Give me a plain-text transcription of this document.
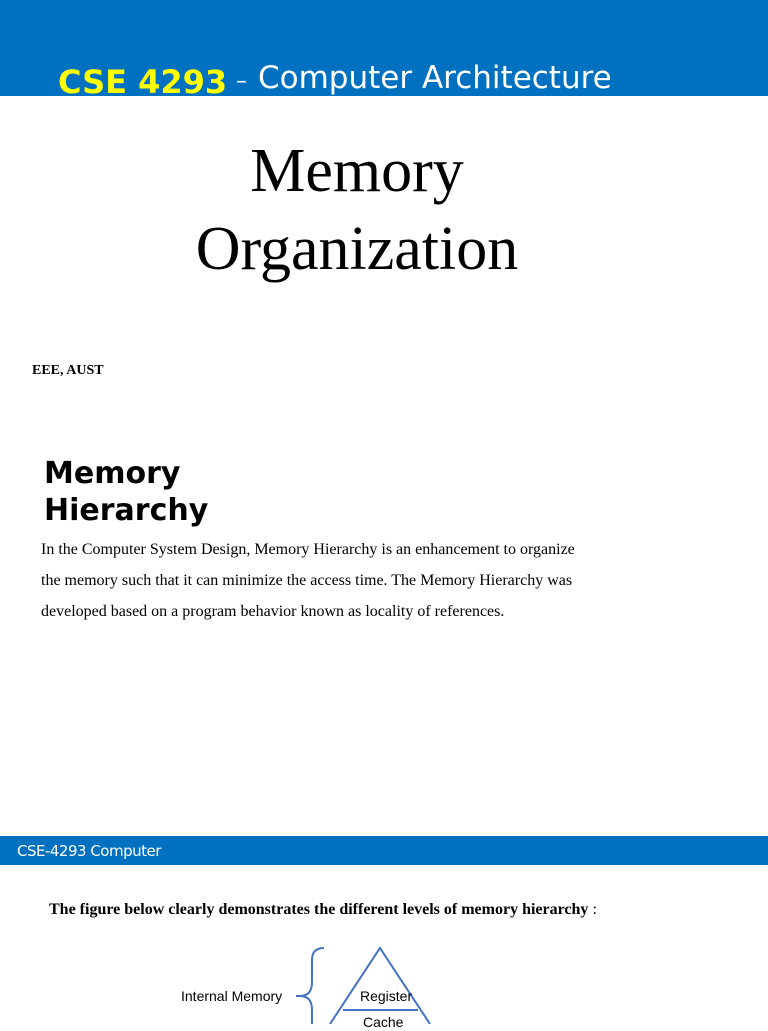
CSE 4293 – Computer Architecture
Memory
Organization
EEE, AUST
Memory
Hierarchy
In the Computer System Design, Memory Hierarchy is an enhancement to organize
the memory such that it can minimize the access time. The Memory Hierarchy was
developed based on a program behavior known as locality of references.
CSE-4293 Computer
The figure below clearly demonstrates the different levels of memory hierarchy :
Internal Memory	Register
Cache
